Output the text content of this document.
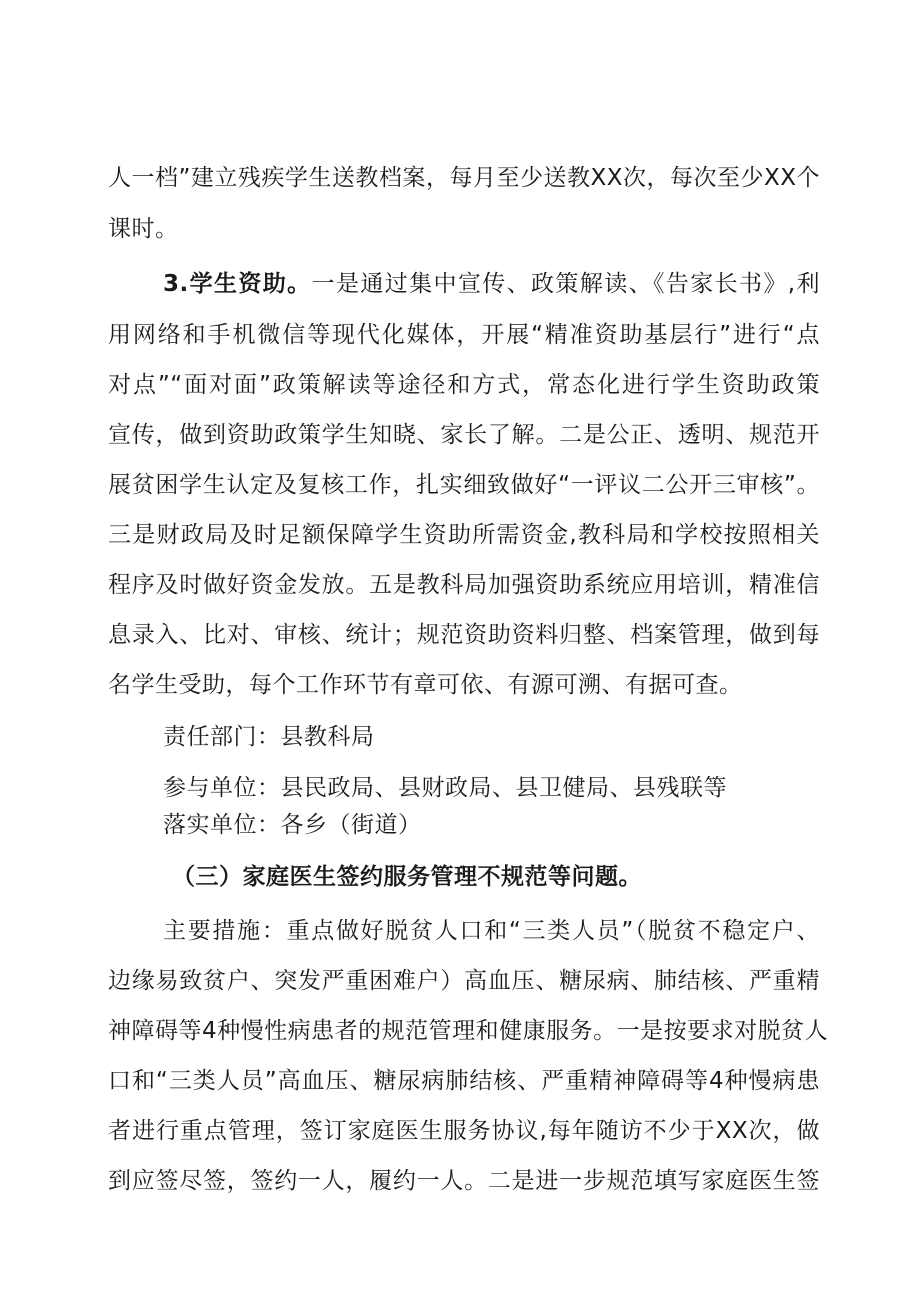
人一档”建立残疾学生送教档案，每月至少送教XX次，每次至少XX个
课时。
3.学生资助。一是通过集中宣传、政策解读、《告家长书》,利
用网络和手机微信等现代化媒体，开展“精准资助基层行”进行“点
对点”“面对面”政策解读等途径和方式，常态化进行学生资助政策
宣传，做到资助政策学生知晓、家长了解。二是公正、透明、规范开
展贫困学生认定及复核工作，扎实细致做好“一评议二公开三审核”。
三是财政局及时足额保障学生资助所需资金,教科局和学校按照相关
程序及时做好资金发放。五是教科局加强资助系统应用培训，精准信
息录入、比对、审核、统计；规范资助资料归整、档案管理，做到每
名学生受助，每个工作环节有章可依、有源可溯、有据可查。
责任部门：县教科局
参与单位：县民政局、县财政局、县卫健局、县残联等
落实单位：各乡（街道）
（三）家庭医生签约服务管理不规范等问题。
主要措施：重点做好脱贫人口和“三类人员”（脱贫不稳定户、
边缘易致贫户、突发严重困难户）高血压、糖尿病、肺结核、严重精
神障碍等4种慢性病患者的规范管理和健康服务。一是按要求对脱贫人
口和“三类人员”高血压、糖尿病肺结核、严重精神障碍等4种慢病患
者进行重点管理，签订家庭医生服务协议,每年随访不少于XX次，做
到应签尽签，签约一人，履约一人。二是进一步规范填写家庭医生签
